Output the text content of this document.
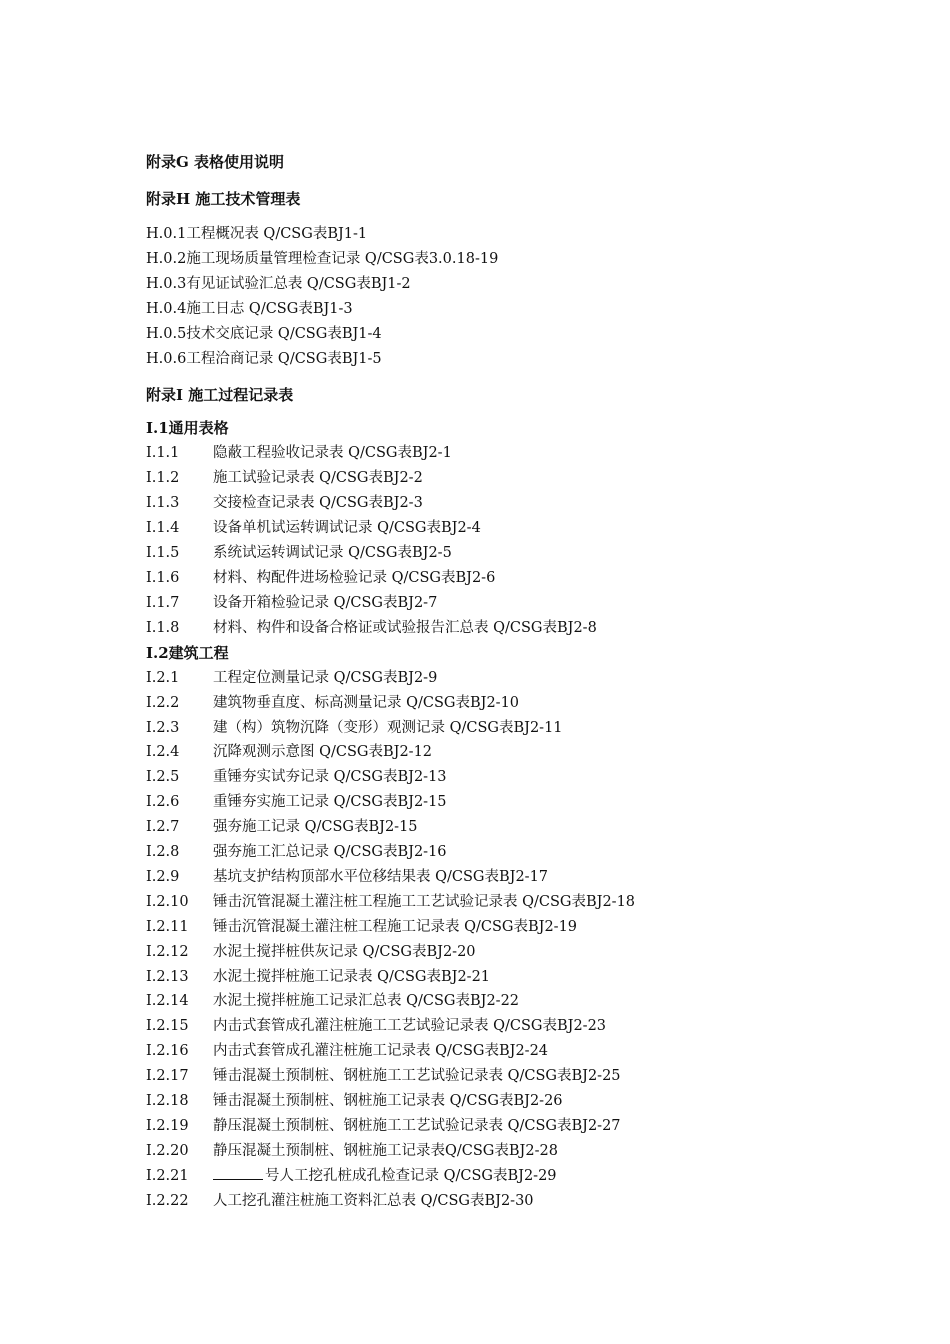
附录G 表格使用说明
附录H 施工技术管理表
H.0.1 工程概况表 Q/CSG表BJ1-1
H.0.2 施工现场质量管理检查记录 Q/CSG表3.0.18-19
H.0.3 有见证试验汇总表 Q/CSG表BJ1-2
H.0.4 施工日志 Q/CSG表BJ1-3
H.0.5 技术交底记录 Q/CSG表BJ1-4
H.0.6 工程洽商记录 Q/CSG表BJ1-5
附录I 施工过程记录表
I.1通用表格
I.1.1	隐蔽工程验收记录表 Q/CSG表BJ2-1
I.1.2	施工试验记录表 Q/CSG表BJ2-2
I.1.3	交接检查记录表 Q/CSG表BJ2-3
I.1.4	设备单机试运转调试记录 Q/CSG表BJ2-4
I.1.5	系统试运转调试记录 Q/CSG表BJ2-5
I.1.6	材料、构配件进场检验记录 Q/CSG表BJ2-6
I.1.7	设备开箱检验记录 Q/CSG表BJ2-7
I.1.8	材料、构件和设备合格证或试验报告汇总表 Q/CSG表BJ2-8
I.2建筑工程
I.2.1	工程定位测量记录 Q/CSG表BJ2-9
I.2.2	建筑物垂直度、标高测量记录 Q/CSG表BJ2-10
I.2.3	建（构）筑物沉降（变形）观测记录 Q/CSG表BJ2-11
I.2.4	沉降观测示意图 Q/CSG表BJ2-12
I.2.5	重锤夯实试夯记录 Q/CSG表BJ2-13
I.2.6	重锤夯实施工记录 Q/CSG表BJ2-15
I.2.7	强夯施工记录 Q/CSG表BJ2-15
I.2.8	强夯施工汇总记录 Q/CSG表BJ2-16
I.2.9	基坑支护结构顶部水平位移结果表 Q/CSG表BJ2-17
I.2.10	锤击沉管混凝土灌注桩工程施工工艺试验记录表 Q/CSG表BJ2-18
I.2.11	锤击沉管混凝土灌注桩工程施工记录表 Q/CSG表BJ2-19
I.2.12	水泥土搅拌桩供灰记录 Q/CSG表BJ2-20
I.2.13	水泥土搅拌桩施工记录表 Q/CSG表BJ2-21
I.2.14	水泥土搅拌桩施工记录汇总表 Q/CSG表BJ2-22
I.2.15	内击式套管成孔灌注桩施工工艺试验记录表 Q/CSG表BJ2-23
I.2.16	内击式套管成孔灌注桩施工记录表 Q/CSG表BJ2-24
I.2.17	锤击混凝土预制桩、钢桩施工工艺试验记录表 Q/CSG表BJ2-25
I.2.18	锤击混凝土预制桩、钢桩施工记录表 Q/CSG表BJ2-26
I.2.19	静压混凝土预制桩、钢桩施工工艺试验记录表 Q/CSG表BJ2-27
I.2.20	静压混凝土预制桩、钢桩施工记录表Q/CSG表BJ2-28
I.2.21	号人工挖孔桩成孔检查记录 Q/CSG表BJ2-29
I.2.22	人工挖孔灌注桩施工资料汇总表 Q/CSG表BJ2-30
